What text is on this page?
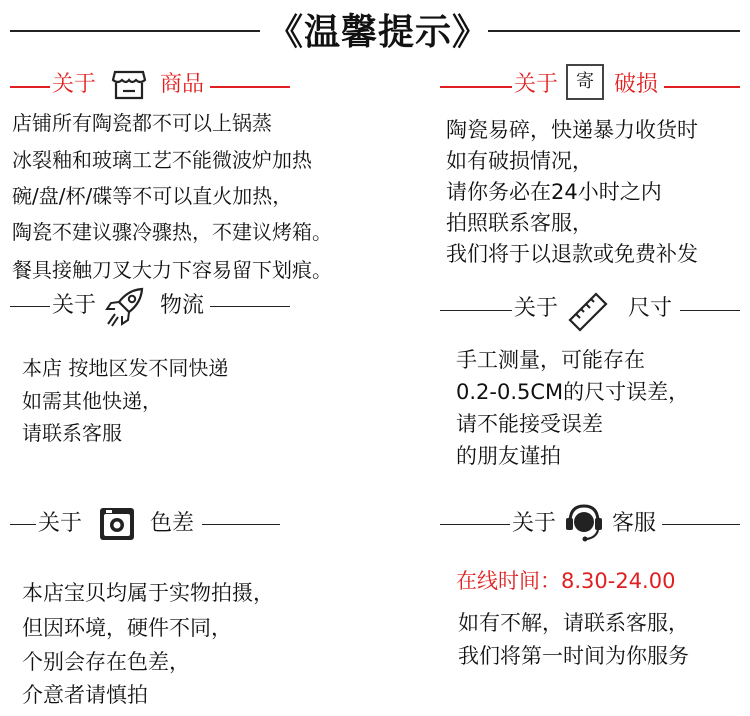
《温馨提示》
关于	商品
店铺所有陶瓷都不可以上锅蒸
冰裂釉和玻璃工艺不能微波炉加热
碗/盘/杯/碟等不可以直火加热，
陶瓷不建议骤冷骤热，不建议烤箱。
餐具接触刀叉大力下容易留下划痕。
关于 寄 破损
陶瓷易碎，快递暴力收货时
如有破损情况，
请你务必在24小时之内
拍照联系客服，
我们将于以退款或免费补发
关于	物流
本店 按地区发不同快递
如需其他快递，
请联系客服
关于	尺寸
手工测量，可能存在
0.2-0.5CM的尺寸误差，
请不能接受误差
的朋友谨拍
关于	色差
本店宝贝均属于实物拍摄，
但因环境，硬件不同，
个别会存在色差，
介意者请慎拍
关于	客服
在线时间：8.30-24.00
如有不解，请联系客服，
我们将第一时间为你服务
